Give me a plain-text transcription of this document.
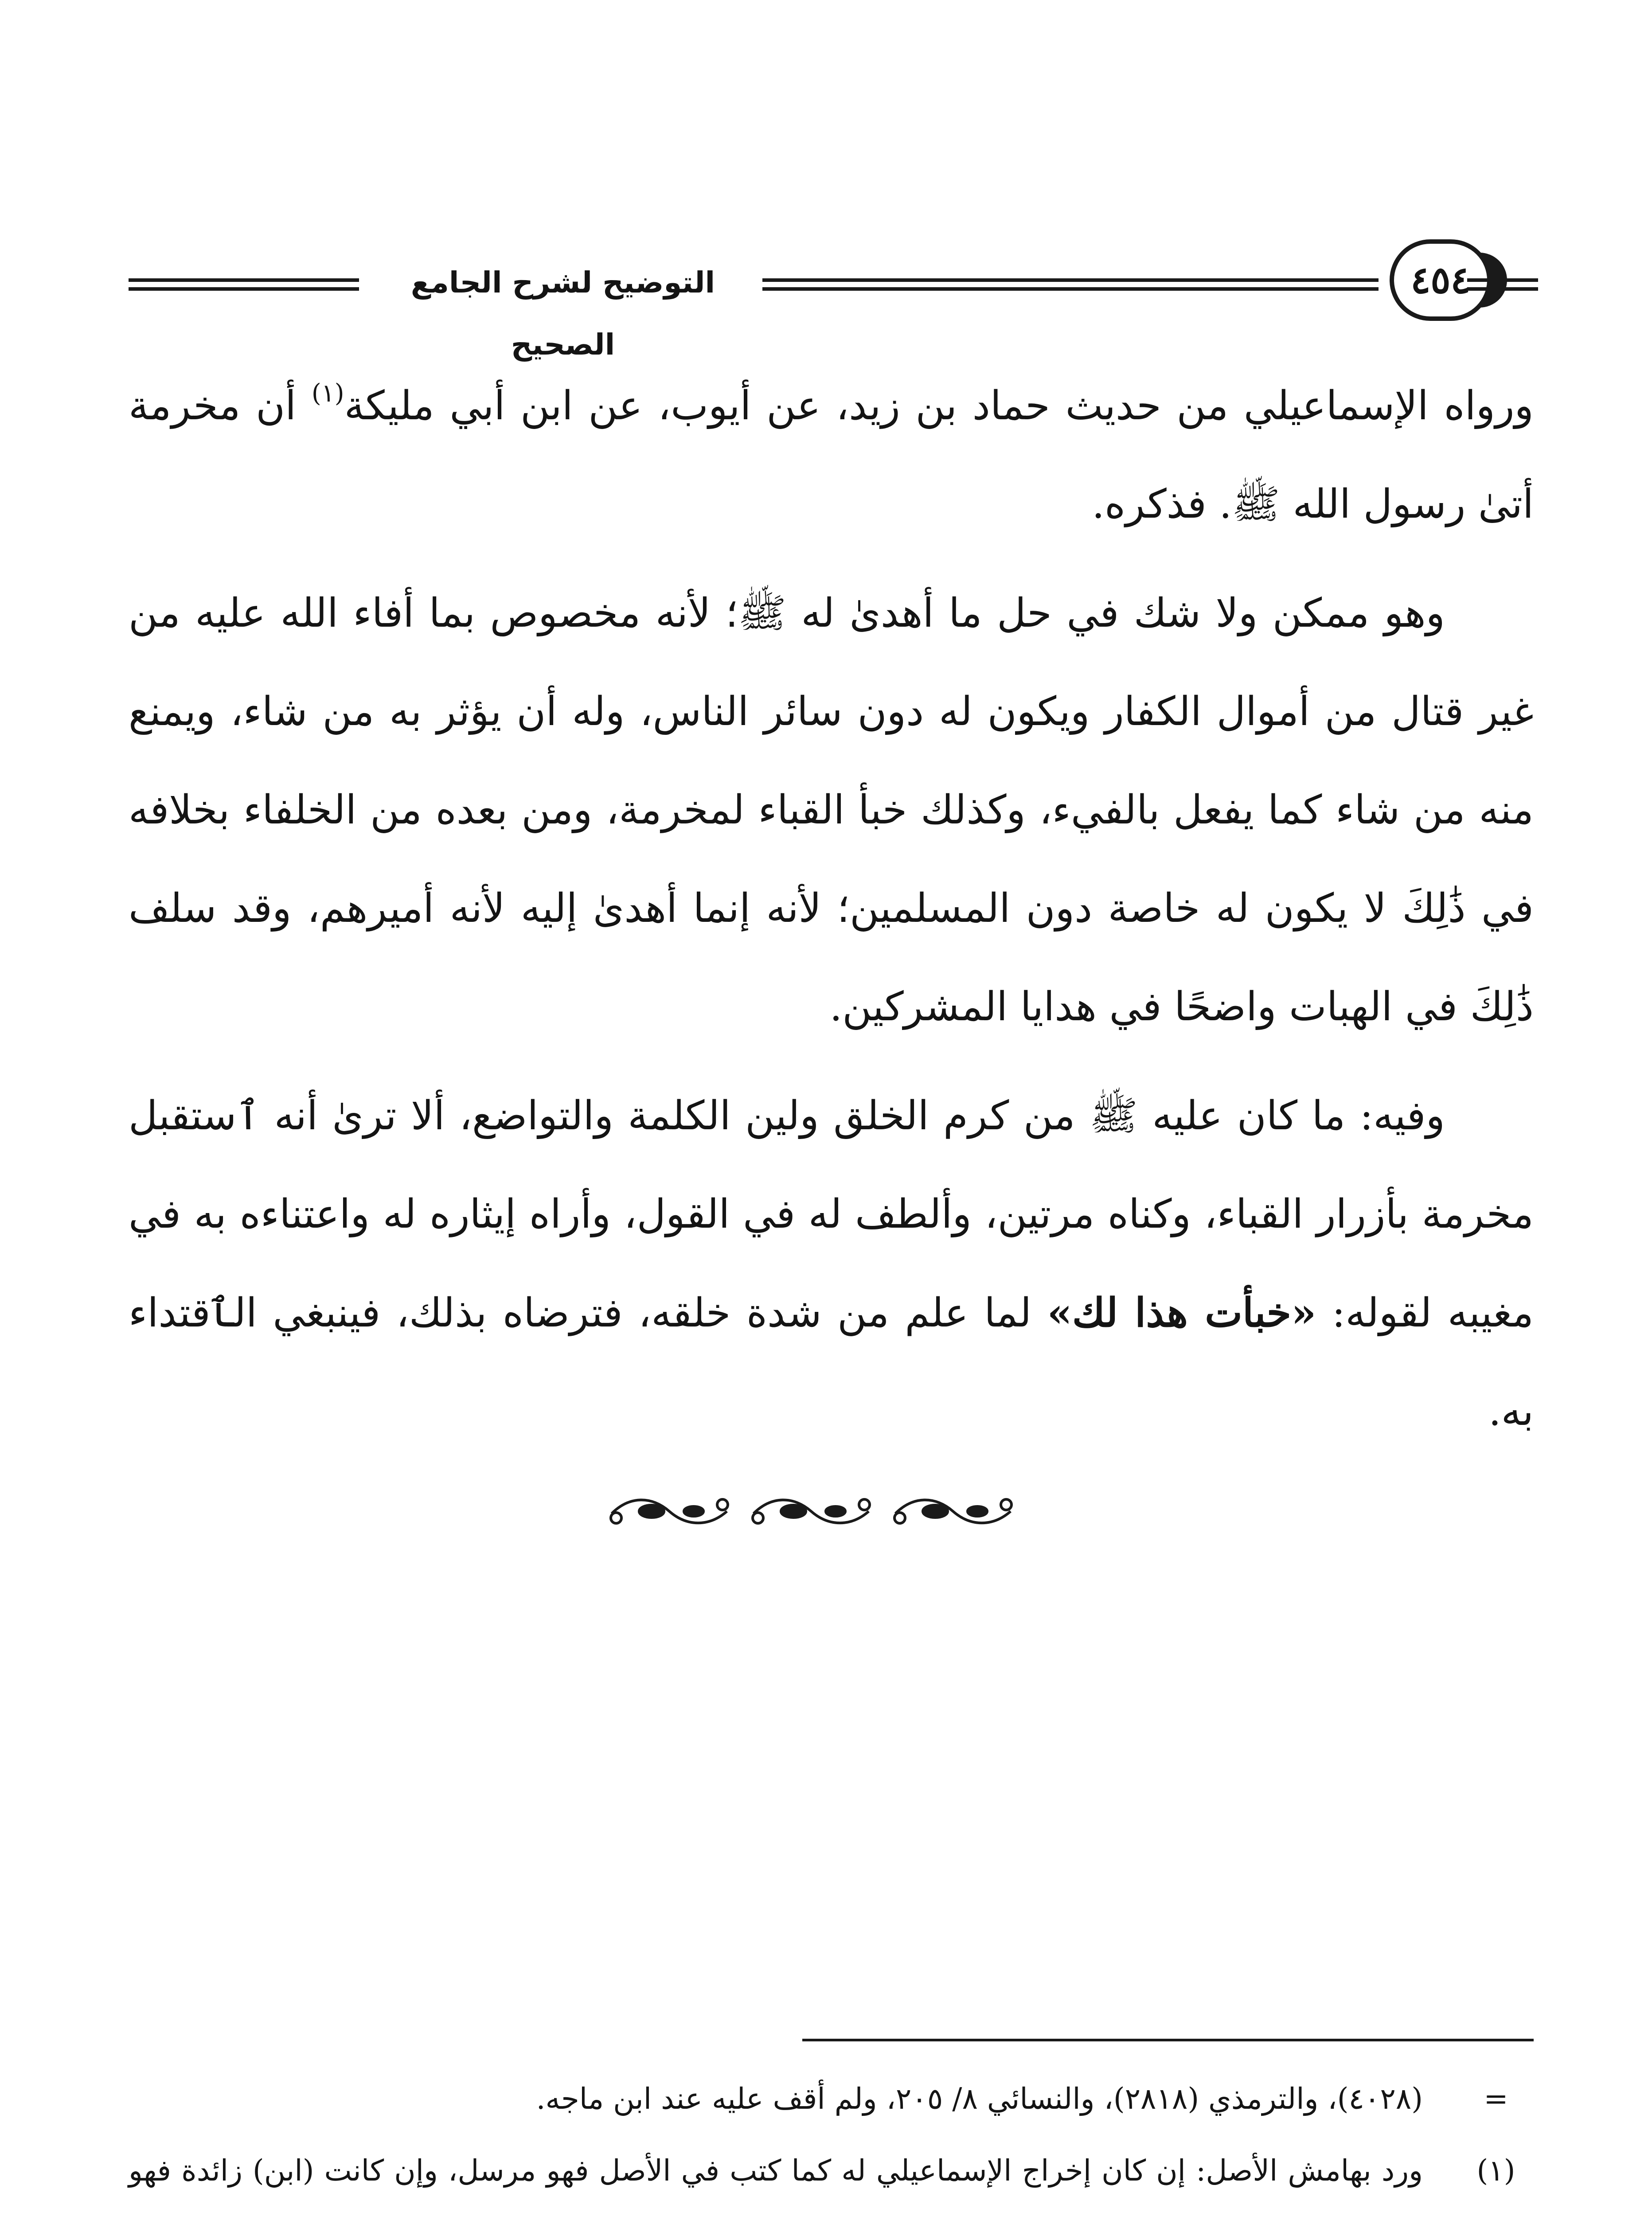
التوضيح لشرح الجامع الصحيح
٤٥٤

ورواه الإسماعيلي من حديث حماد بن زيد، عن أيوب، عن ابن أبي مليكة$^{(١)}$ أن مخرمة أتىٰ رسول الله ﷺ. فذكره.

وهو ممكن ولا شك في حل ما أهدىٰ له ﷺ؛ لأنه مخصوص بما أفاء الله عليه من غير قتال من أموال الكفار ويكون له دون سائر الناس، وله أن يؤثر به من شاء، ويمنع منه من شاء كما يفعل بالفيء، وكذلك خبأ القباء لمخرمة، ومن بعده من الخلفاء بخلافه في ذَٰلِكَ لا يكون له خاصة دون المسلمين؛ لأنه إنما أهدىٰ إليه لأنه أميرهم، وقد سلف ذَٰلِكَ في الهبات واضحًا في هدايا المشركين.

وفيه: ما كان عليه ﷺ من كرم الخلق ولين الكلمة والتواضع، ألا ترىٰ أنه ٱستقبل مخرمة بأزرار القباء، وكناه مرتين، وألطف له في القول، وأراه إيثاره له واعتناءه به في مغيبه لقوله: «خبأت هذا لك» لما علم من شدة خلقه، فترضاه بذلك، فينبغي الٱقتداء به.

=
(٤٠٢٨)، والترمذي (٢٨١٨)، والنسائي ٨/ ٢٠٥، ولم أقف عليه عند ابن ماجه.
(١)
ورد بهامش الأصل: إن كان إخراج الإسماعيلي له كما كتب في الأصل فهو مرسل، وإن كانت (ابن) زائدة فهو
